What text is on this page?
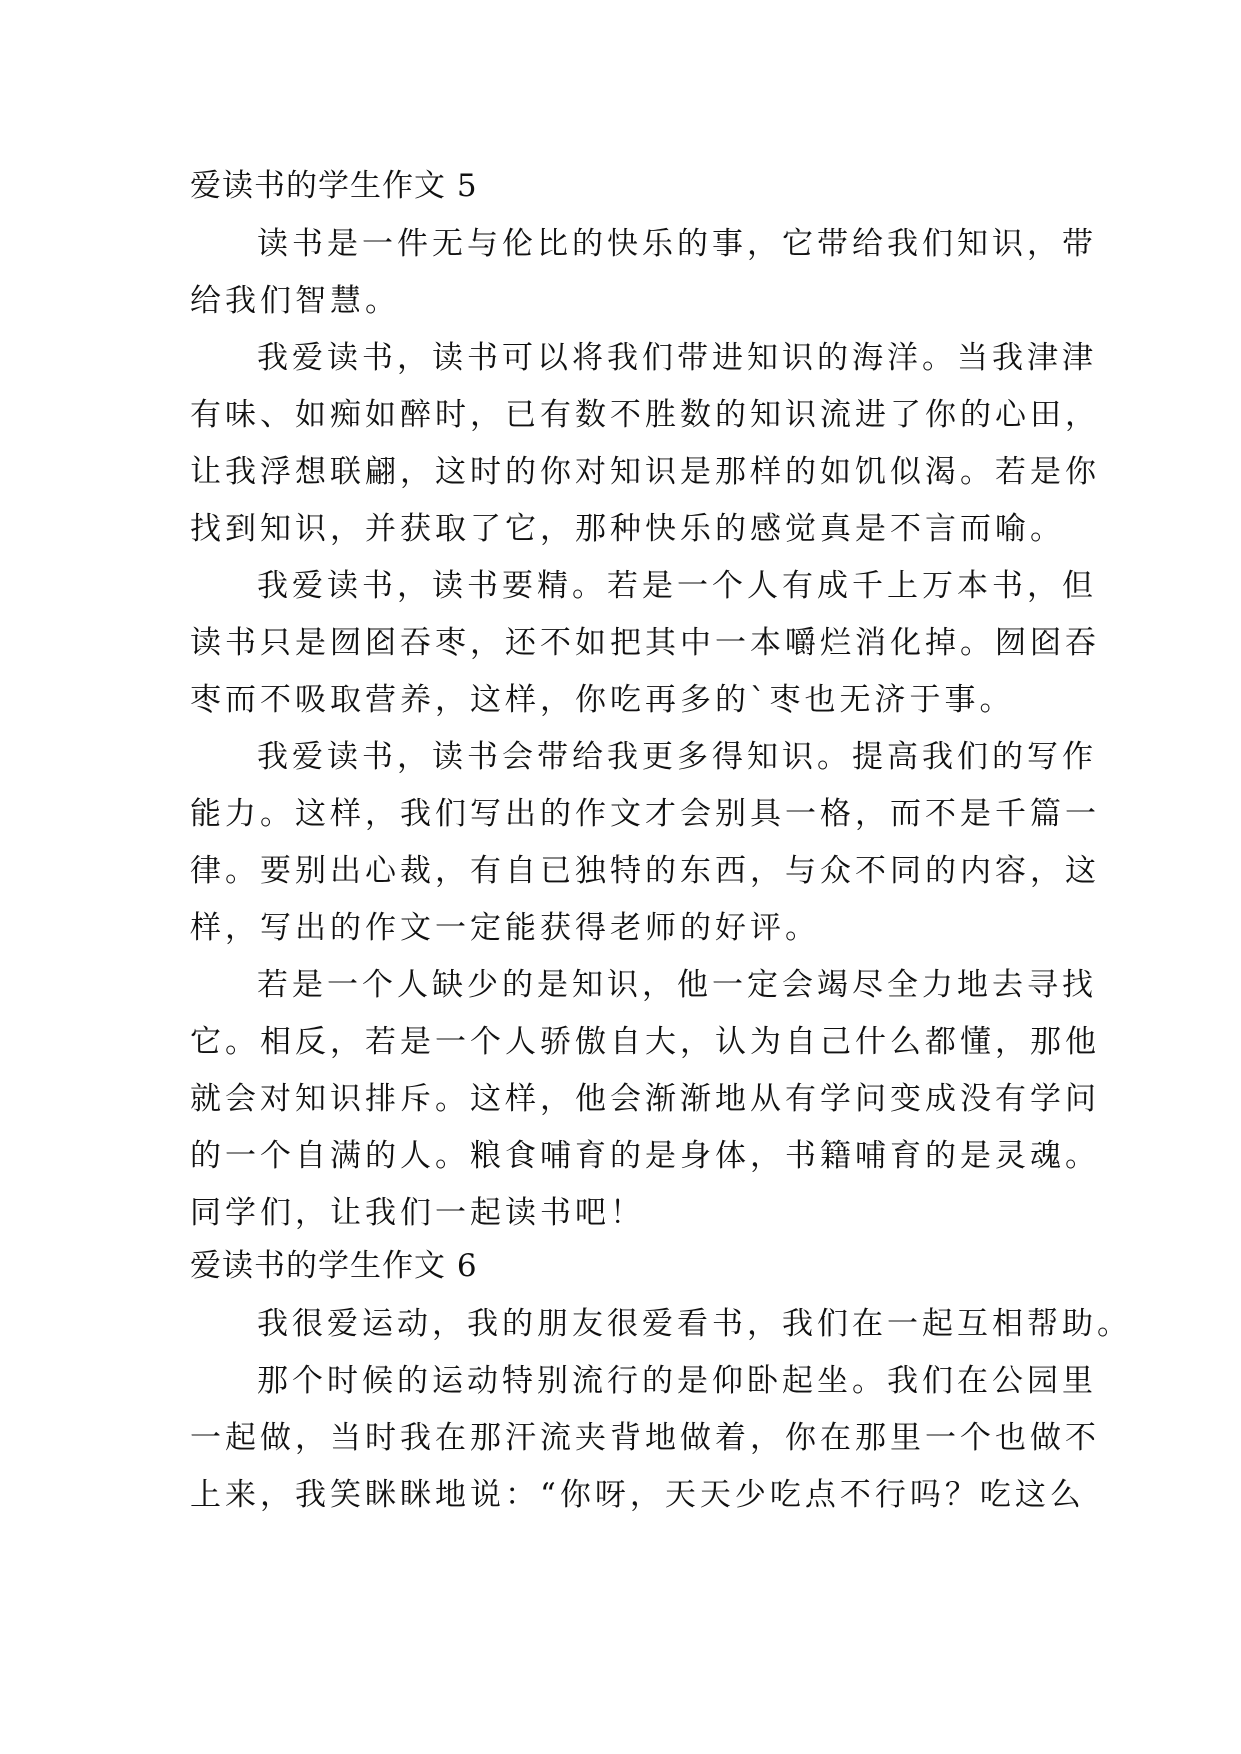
爱读书的学生作文 5
读书是一件无与伦比的快乐的事，它带给我们知识，带
给我们智慧。
我爱读书，读书可以将我们带进知识的海洋。当我津津
有味、如痴如醉时，已有数不胜数的知识流进了你的心田，
让我浮想联翩，这时的你对知识是那样的如饥似渴。若是你
找到知识，并获取了它，那种快乐的感觉真是不言而喻。
我爱读书，读书要精。若是一个人有成千上万本书，但
读书只是囫囵吞枣，还不如把其中一本嚼烂消化掉。囫囵吞
枣而不吸取营养，这样，你吃再多的`枣也无济于事。
我爱读书，读书会带给我更多得知识。提高我们的写作
能力。这样，我们写出的作文才会别具一格，而不是千篇一
律。要别出心裁，有自已独特的东西，与众不同的内容，这
样，写出的作文一定能获得老师的好评。
若是一个人缺少的是知识，他一定会竭尽全力地去寻找
它。相反，若是一个人骄傲自大，认为自己什么都懂，那他
就会对知识排斥。这样，他会渐渐地从有学问变成没有学问
的一个自满的人。粮食哺育的是身体，书籍哺育的是灵魂。
同学们，让我们一起读书吧！
爱读书的学生作文 6
我很爱运动，我的朋友很爱看书，我们在一起互相帮助。
那个时候的运动特别流行的是仰卧起坐。我们在公园里
一起做，当时我在那汗流夹背地做着，你在那里一个也做不
上来，我笑眯眯地说：“你呀，天天少吃点不行吗？吃这么
